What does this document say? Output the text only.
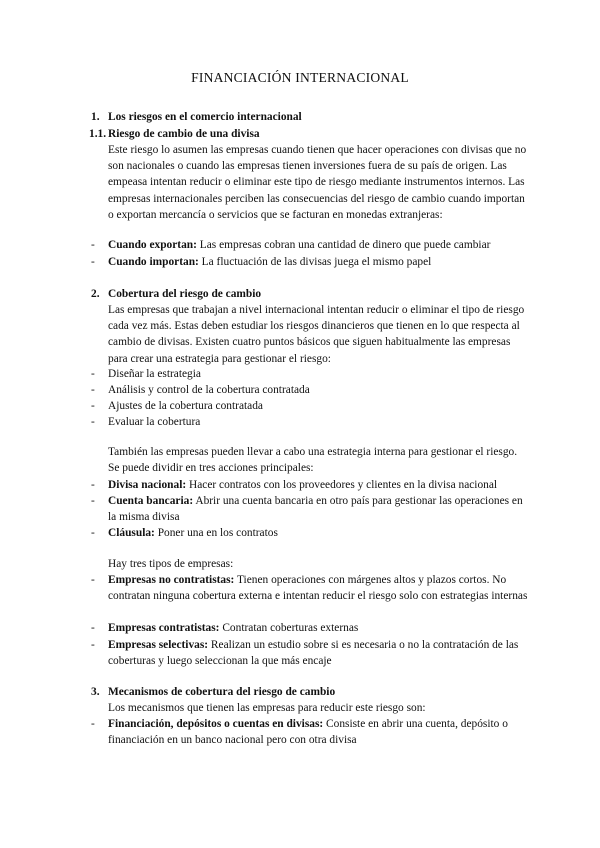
FINANCIACIÓN INTERNACIONAL
1. Los riesgos en el comercio internacional
1.1. Riesgo de cambio de una divisa
Este riesgo lo asumen las empresas cuando tienen que hacer operaciones con divisas que no son nacionales o cuando las empresas tienen inversiones fuera de su país de origen. Las empeasa intentan reducir o eliminar este tipo de riesgo mediante instrumentos internos. Las empresas internacionales perciben las consecuencias del riesgo de cambio cuando importan o exportan mercancía o servicios que se facturan en monedas extranjeras:
- Cuando exportan: Las empresas cobran una cantidad de dinero que puede cambiar
- Cuando importan: La fluctuación de las divisas juega el mismo papel
2. Cobertura del riesgo de cambio
Las empresas que trabajan a nivel internacional intentan reducir o eliminar el tipo de riesgo cada vez más. Estas deben estudiar los riesgos dinancieros que tienen en lo que respecta al cambio de divisas. Existen cuatro puntos básicos que siguen habitualmente las empresas para crear una estrategia para gestionar el riesgo:
- Diseñar la estrategia
- Análisis y control de la cobertura contratada
- Ajustes de la cobertura contratada
- Evaluar la cobertura
También las empresas pueden llevar a cabo una estrategia interna para gestionar el riesgo. Se puede dividir en tres acciones principales:
- Divisa nacional: Hacer contratos con los proveedores y clientes en la divisa nacional
- Cuenta bancaria: Abrir una cuenta bancaria en otro país para gestionar las operaciones en la misma divisa
- Cláusula: Poner una en los contratos
Hay tres tipos de empresas:
- Empresas no contratistas: Tienen operaciones con márgenes altos y plazos cortos. No contratan ninguna cobertura externa e intentan reducir el riesgo solo con estrategias internas
- Empresas contratistas: Contratan coberturas externas
- Empresas selectivas: Realizan un estudio sobre si es necesaria o no la contratación de las coberturas y luego seleccionan la que más encaje
3. Mecanismos de cobertura del riesgo de cambio
Los mecanismos que tienen las empresas para reducir este riesgo son:
- Financiación, depósitos o cuentas en divisas: Consiste en abrir una cuenta, depósito o financiación en un banco nacional pero con otra divisa
